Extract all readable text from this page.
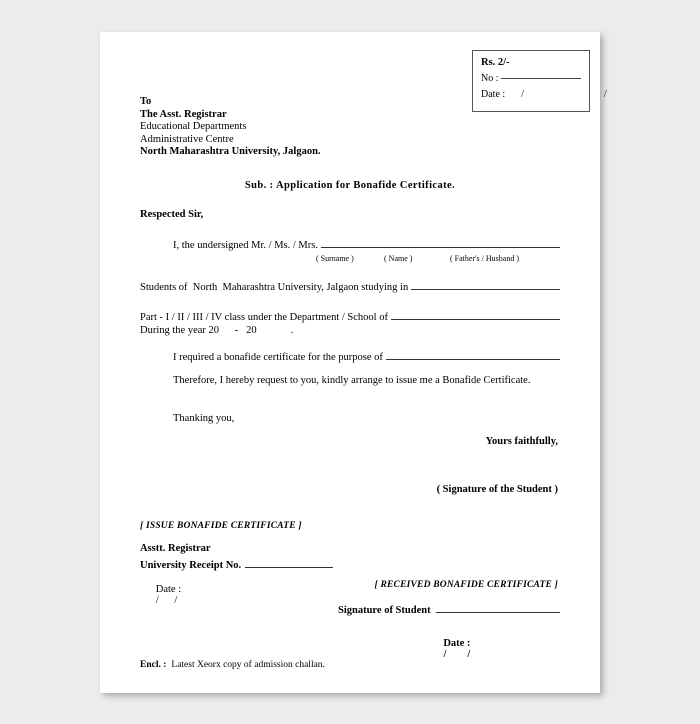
Rs. 2/-
No :
Date : /    /
To
The Asst. Registrar
Educational Departments
Administrative Centre
North Maharashtra University, Jalgaon.
Sub. : Application for Bonafide Certificate.
Respected Sir,
I, the undersigned Mr. / Ms. / Mrs.
( Surname )	( Name )	( Father's / Husband )
Students of  North  Maharashtra University, Jalgaon studying in
Part - I / II / III / IV class under the Department / School of
During the year 20      -   20             .
I required a bonafide certificate for the purpose of
Therefore, I hereby request to you, kindly arrange to issue me a Bonafide Certificate.
Thanking you,
Yours faithfully,
( Signature of the Student )
[ ISSUE BONAFIDE CERTIFICATE ]
Asstt. Registrar
University Receipt No.

Date :
/      /

[ RECEIVED BONAFIDE CERTIFICATE ]
Signature of Student

Date :
/        /

Encl. : Latest Xeorx copy of admission challan.
